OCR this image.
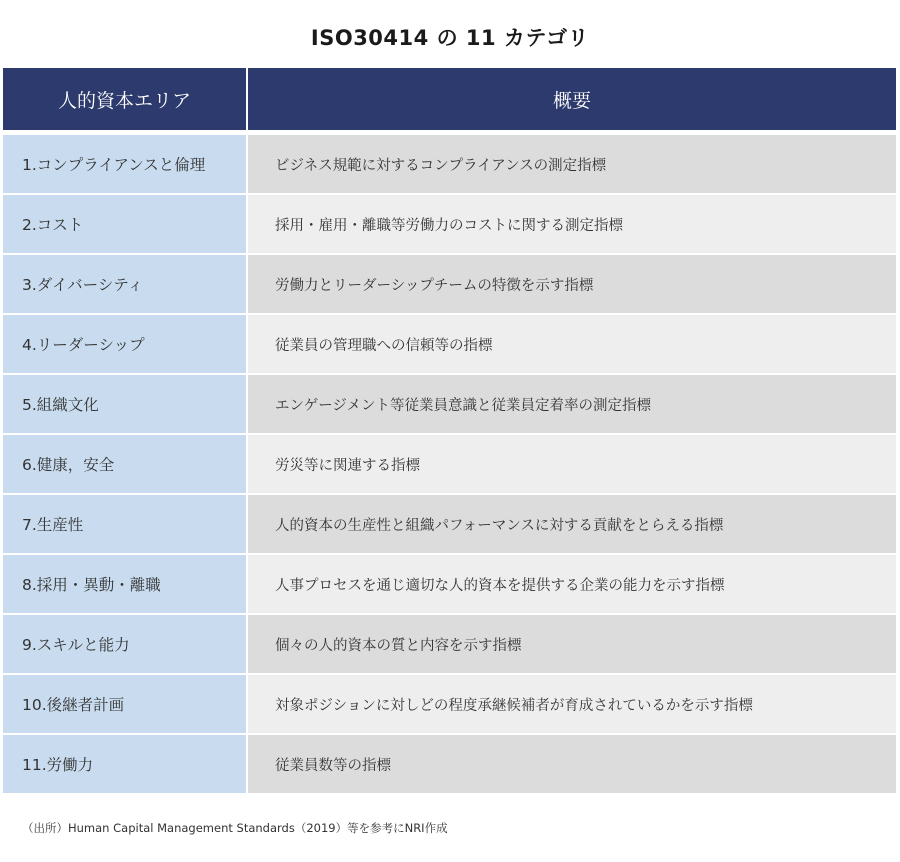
ISO30414 の 11 カテゴリ
人的資本エリア	概要
1.コンプライアンスと倫理	ビジネス規範に対するコンプライアンスの測定指標
2.コスト	採用・雇用・離職等労働力のコストに関する測定指標
3.ダイバーシティ	労働力とリーダーシップチームの特徴を示す指標
4.リーダーシップ	従業員の管理職への信頼等の指標
5.組織文化	エンゲージメント等従業員意識と従業員定着率の測定指標
6.健康，安全	労災等に関連する指標
7.生産性	人的資本の生産性と組織パフォーマンスに対する貢献をとらえる指標
8.採用・異動・離職	人事プロセスを通じ適切な人的資本を提供する企業の能力を示す指標
9.スキルと能力	個々の人的資本の質と内容を示す指標
10.後継者計画	対象ポジションに対しどの程度承継候補者が育成されているかを示す指標
11.労働力	従業員数等の指標
（出所）Human Capital Management Standards（2019）等を参考にNRI作成
